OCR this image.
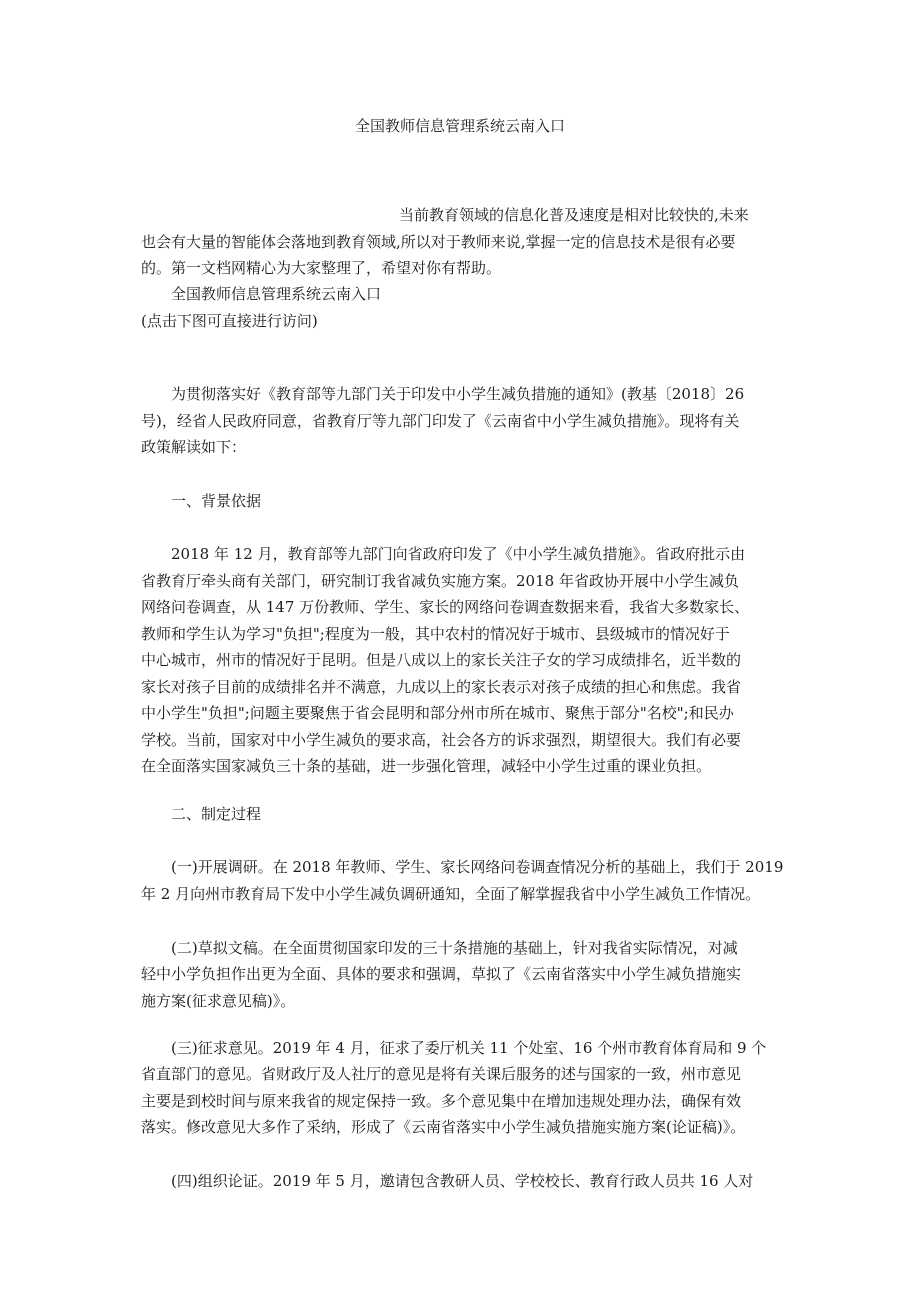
全国教师信息管理系统云南入口
当前教育领域的信息化普及速度是相对比较快的,未来
也会有大量的智能体会落地到教育领域,所以对于教师来说,掌握一定的信息技术是很有必要
的。第一文档网精心为大家整理了，希望对你有帮助。
全国教师信息管理系统云南入口
(点击下图可直接进行访问)
为贯彻落实好《教育部等九部门关于印发中小学生减负措施的通知》(教基〔2018〕26
号)，经省人民政府同意，省教育厅等九部门印发了《云南省中小学生减负措施》。现将有关
政策解读如下：
一、背景依据
2018 年 12 月，教育部等九部门向省政府印发了《中小学生减负措施》。省政府批示由
省教育厅牵头商有关部门，研究制订我省减负实施方案。2018 年省政协开展中小学生减负
网络问卷调查，从 147 万份教师、学生、家长的网络问卷调查数据来看，我省大多数家长、
教师和学生认为学习"负担";程度为一般，其中农村的情况好于城市、县级城市的情况好于
中心城市，州市的情况好于昆明。但是八成以上的家长关注子女的学习成绩排名，近半数的
家长对孩子目前的成绩排名并不满意，九成以上的家长表示对孩子成绩的担心和焦虑。我省
中小学生"负担";问题主要聚焦于省会昆明和部分州市所在城市、聚焦于部分"名校";和民办
学校。当前，国家对中小学生减负的要求高，社会各方的诉求强烈，期望很大。我们有必要
在全面落实国家减负三十条的基础，进一步强化管理，减轻中小学生过重的课业负担。
二、制定过程
(一)开展调研。在 2018 年教师、学生、家长网络问卷调查情况分析的基础上，我们于 2019
年 2 月向州市教育局下发中小学生减负调研通知，全面了解掌握我省中小学生减负工作情况。
(二)草拟文稿。在全面贯彻国家印发的三十条措施的基础上，针对我省实际情况，对减
轻中小学负担作出更为全面、具体的要求和强调，草拟了《云南省落实中小学生减负措施实
施方案(征求意见稿)》。
(三)征求意见。2019 年 4 月，征求了委厅机关 11 个处室、16 个州市教育体育局和 9 个
省直部门的意见。省财政厅及人社厅的意见是将有关课后服务的述与国家的一致，州市意见
主要是到校时间与原来我省的规定保持一致。多个意见集中在增加违规处理办法，确保有效
落实。修改意见大多作了采纳，形成了《云南省落实中小学生减负措施实施方案(论证稿)》。
(四)组织论证。2019 年 5 月，邀请包含教研人员、学校校长、教育行政人员共 16 人对
